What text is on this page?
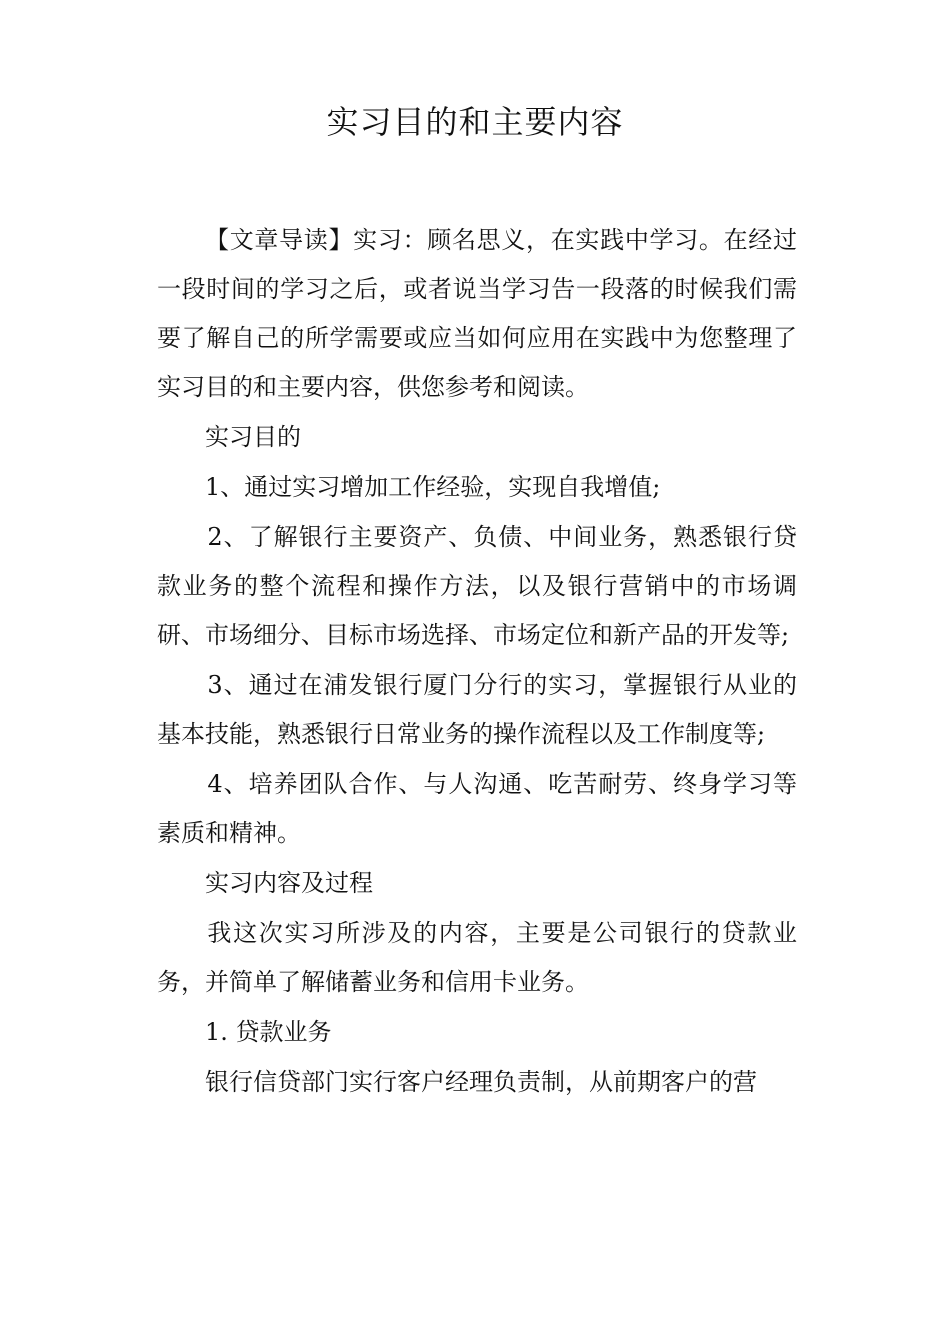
实习目的和主要内容

【文章导读】实习：顾名思义，在实践中学习。在经过一段时间的学习之后，或者说当学习告一段落的时候我们需要了解自己的所学需要或应当如何应用在实践中为您整理了实习目的和主要内容，供您参考和阅读。

实习目的

1、通过实习增加工作经验，实现自我增值;

2、了解银行主要资产、负债、中间业务，熟悉银行贷款业务的整个流程和操作方法，以及银行营销中的市场调研、市场细分、目标市场选择、市场定位和新产品的开发等;

3、通过在浦发银行厦门分行的实习，掌握银行从业的基本技能，熟悉银行日常业务的操作流程以及工作制度等;

4、培养团队合作、与人沟通、吃苦耐劳、终身学习等素质和精神。

实习内容及过程

我这次实习所涉及的内容，主要是公司银行的贷款业务，并简单了解储蓄业务和信用卡业务。

1. 贷款业务

银行信贷部门实行客户经理负责制，从前期客户的营
